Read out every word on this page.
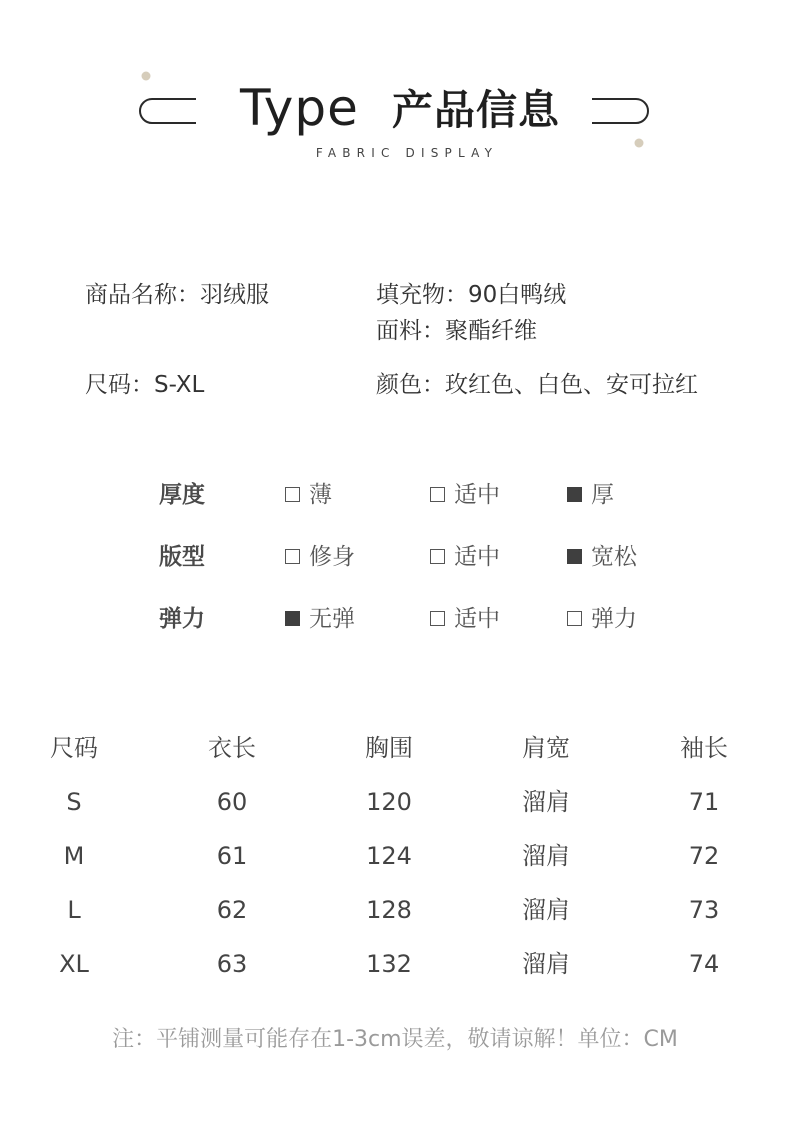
Type 产品信息
FABRIC DISPLAY
商品名称：羽绒服	填充物：90白鸭绒
面料：聚酯纤维
尺码：S-XL	颜色：玫红色、白色、安可拉红
厚度	薄	适中	厚
版型	修身	适中	宽松
弹力	无弹	适中	弹力
尺码	衣长	胸围	肩宽	袖长
S	60	120	溜肩	71
M	61	124	溜肩	72
L	62	128	溜肩	73
XL	63	132	溜肩	74
注：平铺测量可能存在1-3cm误差，敬请谅解！单位：CM
